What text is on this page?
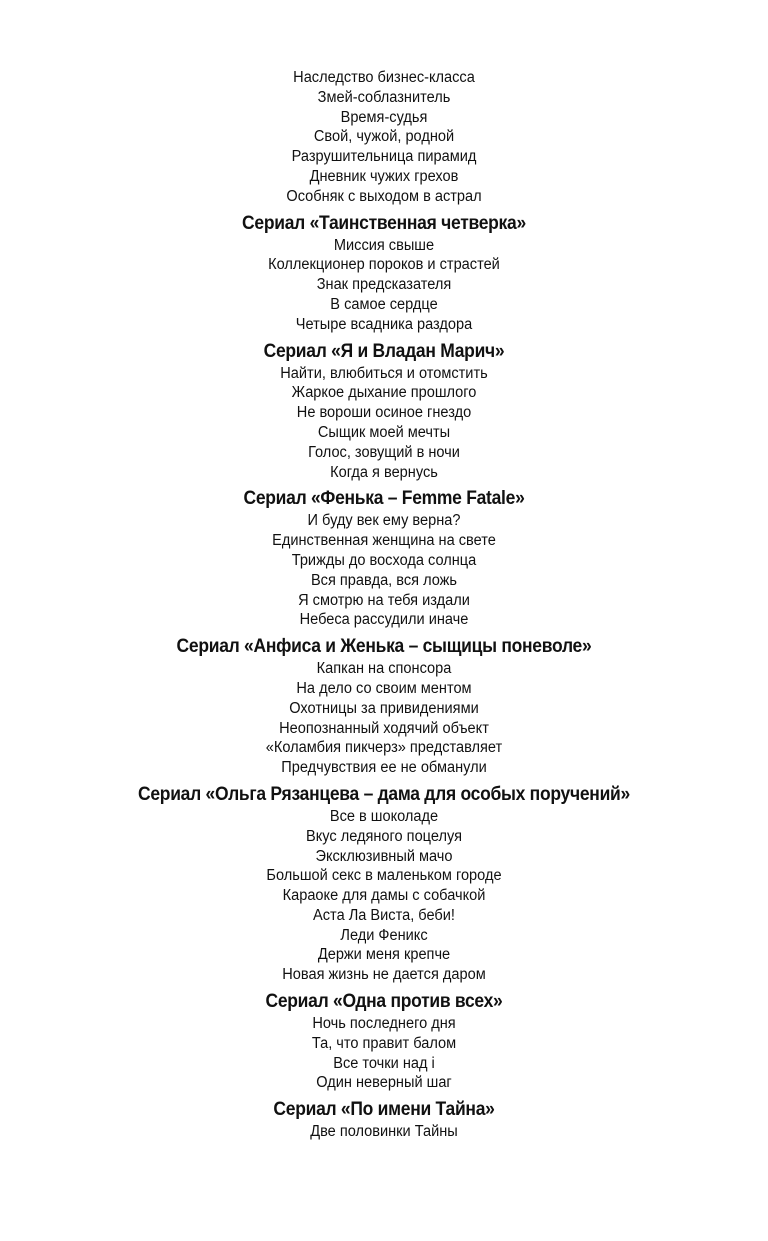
Наследство бизнес-класса
Змей-соблазнитель
Время-судья
Свой, чужой, родной
Разрушительница пирамид
Дневник чужих грехов
Особняк с выходом в астрал
Сериал «Таинственная четверка»
Миссия свыше
Коллекционер пороков и страстей
Знак предсказателя
В самое сердце
Четыре всадника раздора
Сериал «Я и Владан Марич»
Найти, влюбиться и отомстить
Жаркое дыхание прошлого
Не вороши осиное гнездо
Сыщик моей мечты
Голос, зовущий в ночи
Когда я вернусь
Сериал «Фенька – Femme Fatale»
И буду век ему верна?
Единственная женщина на свете
Трижды до восхода солнца
Вся правда, вся ложь
Я смотрю на тебя издали
Небеса рассудили иначе
Сериал «Анфиса и Женька – сыщицы поневоле»
Капкан на спонсора
На дело со своим ментом
Охотницы за привидениями
Неопознанный ходячий объект
«Коламбия пикчерз» представляет
Предчувствия ее не обманули
Сериал «Ольга Рязанцева – дама для особых поручений»
Все в шоколаде
Вкус ледяного поцелуя
Эксклюзивный мачо
Большой секс в маленьком городе
Караоке для дамы с собачкой
Аста Ла Виста, беби!
Леди Феникс
Держи меня крепче
Новая жизнь не дается даром
Сериал «Одна против всех»
Ночь последнего дня
Та, что правит балом
Все точки над i
Один неверный шаг
Сериал «По имени Тайна»
Две половинки Тайны
